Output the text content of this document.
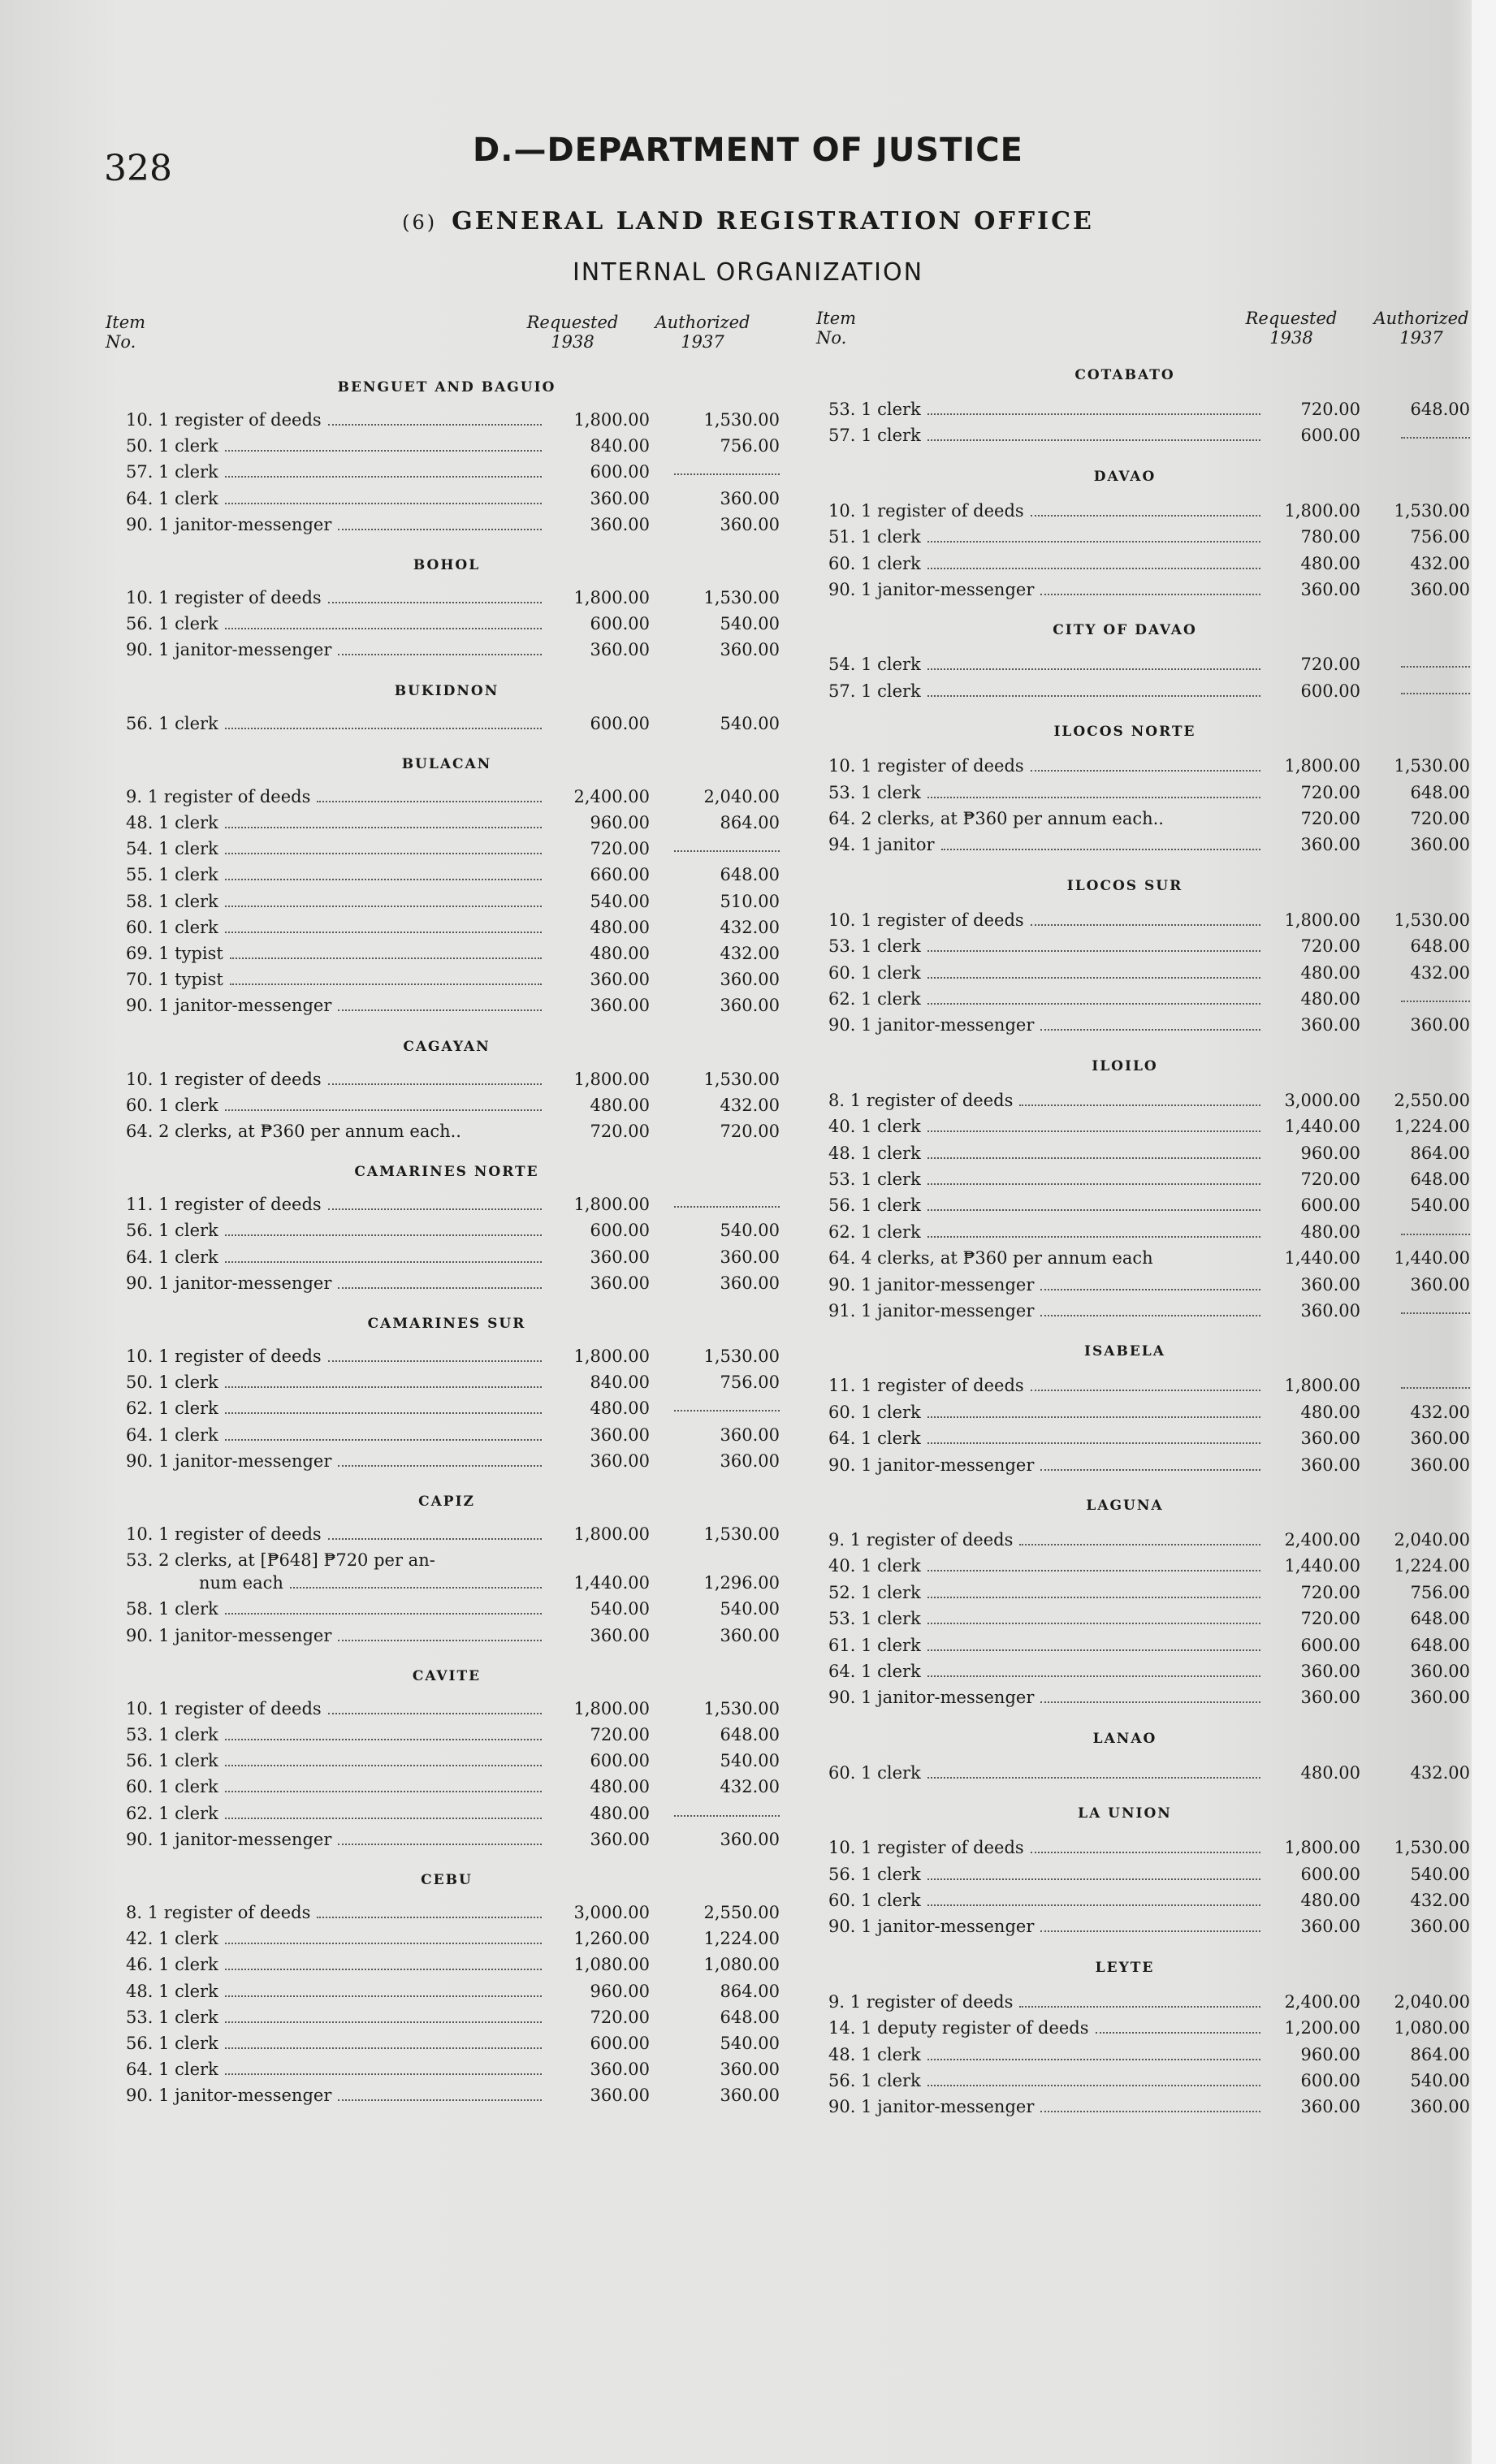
328	D.—DEPARTMENT OF JUSTICE
(6) GENERAL LAND REGISTRATION OFFICE
INTERNAL ORGANIZATION
Item
No.
Requested
1938
Authorized
1937
BENGUET AND BAGUIO
10. 1 register of deeds	1,800.00	1,530.00
50. 1 clerk	840.00	756.00
57. 1 clerk	600.00
64. 1 clerk	360.00	360.00
90. 1 janitor-messenger	360.00	360.00
BOHOL
10. 1 register of deeds	1,800.00	1,530.00
56. 1 clerk	600.00	540.00
90. 1 janitor-messenger	360.00	360.00
BUKIDNON
56. 1 clerk	600.00	540.00
BULACAN
9. 1 register of deeds	2,400.00	2,040.00
48. 1 clerk	960.00	864.00
54. 1 clerk	720.00
55. 1 clerk	660.00	648.00
58. 1 clerk	540.00	510.00
60. 1 clerk	480.00	432.00
69. 1 typist	480.00	432.00
70. 1 typist	360.00	360.00
90. 1 janitor-messenger	360.00	360.00
CAGAYAN
10. 1 register of deeds	1,800.00	1,530.00
60. 1 clerk	480.00	432.00
64. 2 clerks, at ₱360 per annum each..	720.00	720.00
CAMARINES NORTE
11. 1 register of deeds	1,800.00
56. 1 clerk	600.00	540.00
64. 1 clerk	360.00	360.00
90. 1 janitor-messenger	360.00	360.00
CAMARINES SUR
10. 1 register of deeds	1,800.00	1,530.00
50. 1 clerk	840.00	756.00
62. 1 clerk	480.00
64. 1 clerk	360.00	360.00
90. 1 janitor-messenger	360.00	360.00
CAPIZ
10. 1 register of deeds	1,800.00	1,530.00
53. 2 clerks, at [₱648] ₱720 per an-
num each	1,440.00	1,296.00
58. 1 clerk	540.00	540.00
90. 1 janitor-messenger	360.00	360.00
CAVITE
10. 1 register of deeds	1,800.00	1,530.00
53. 1 clerk	720.00	648.00
56. 1 clerk	600.00	540.00
60. 1 clerk	480.00	432.00
62. 1 clerk	480.00
90. 1 janitor-messenger	360.00	360.00
CEBU
8. 1 register of deeds	3,000.00	2,550.00
42. 1 clerk	1,260.00	1,224.00
46. 1 clerk	1,080.00	1,080.00
48. 1 clerk	960.00	864.00
53. 1 clerk	720.00	648.00
56. 1 clerk	600.00	540.00
64. 1 clerk	360.00	360.00
90. 1 janitor-messenger	360.00	360.00
Item
No.
Requested
1938
Authorized
1937
COTABATO
53. 1 clerk	720.00	648.00
57. 1 clerk	600.00
DAVAO
10. 1 register of deeds	1,800.00 1,530.00
51. 1 clerk	780.00	756.00
60. 1 clerk	480.00	432.00
90. 1 janitor-messenger	360.00	360.00
CITY OF DAVAO
54. 1 clerk	720.00
57. 1 clerk	600.00
ILOCOS NORTE
10. 1 register of deeds	1,800.00 1,530.00
53. 1 clerk	720.00	648.00
64. 2 clerks, at ₱360 per annum each..	720.00	720.00
94. 1 janitor	360.00	360.00
ILOCOS SUR
10. 1 register of deeds	1,800.00 1,530.00
53. 1 clerk	720.00	648.00
60. 1 clerk	480.00	432.00
62. 1 clerk	480.00
90. 1 janitor-messenger	360.00	360.00
ILOILO
8. 1 register of deeds	3,000.00 2,550.00
40. 1 clerk	1,440.00 1,224.00
48. 1 clerk	960.00	864.00
53. 1 clerk	720.00	648.00
56. 1 clerk	600.00	540.00
62. 1 clerk	480.00
64. 4 clerks, at ₱360 per annum each	1,440.00 1,440.00
90. 1 janitor-messenger	360.00	360.00
91. 1 janitor-messenger	360.00
ISABELA
11. 1 register of deeds	1,800.00
60. 1 clerk	480.00	432.00
64. 1 clerk	360.00	360.00
90. 1 janitor-messenger	360.00	360.00
LAGUNA
9. 1 register of deeds	2,400.00 2,040.00
40. 1 clerk	1,440.00 1,224.00
52. 1 clerk	720.00	756.00
53. 1 clerk	720.00	648.00
61. 1 clerk	600.00	648.00
64. 1 clerk	360.00	360.00
90. 1 janitor-messenger	360.00	360.00
LANAO
60. 1 clerk	480.00	432.00
LA UNION
10. 1 register of deeds	1,800.00 1,530.00
56. 1 clerk	600.00	540.00
60. 1 clerk	480.00	432.00
90. 1 janitor-messenger	360.00	360.00
LEYTE
9. 1 register of deeds	2,400.00 2,040.00
14. 1 deputy register of deeds	1,200.00 1,080.00
48. 1 clerk	960.00	864.00
56. 1 clerk	600.00	540.00
90. 1 janitor-messenger	360.00	360.00
